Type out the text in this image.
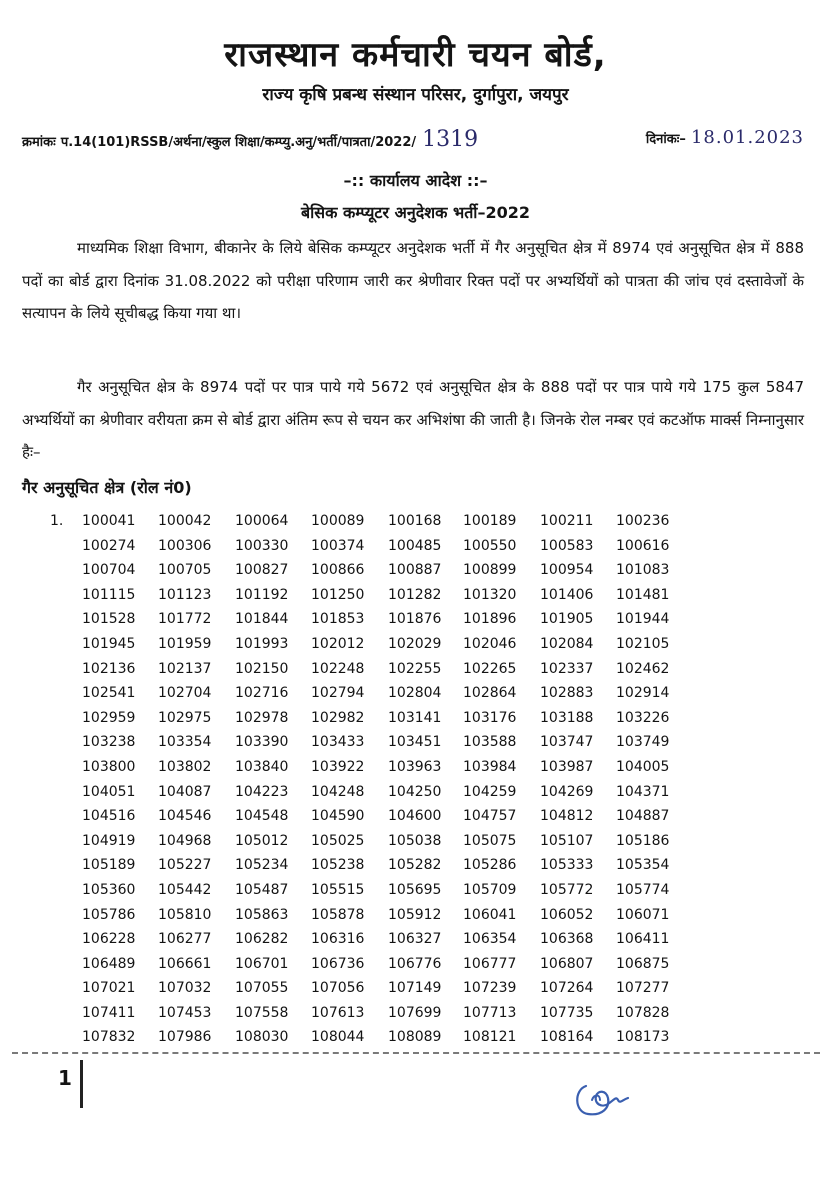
राजस्थान कर्मचारी चयन बोर्ड,
राज्य कृषि प्रबन्ध संस्थान परिसर, दुर्गापुरा, जयपुर
क्रमांकः प.14(101)RSSB/अर्थना/स्कुल शिक्षा/कम्प्यु.अनु/भर्ती/पात्रता/2022/ 1319	दिनांकः– 18.01.2023
–:: कार्यालय आदेश ::–
बेसिक कम्प्यूटर अनुदेशक भर्ती–2022
माध्यमिक शिक्षा विभाग, बीकानेर के लिये बेसिक कम्प्यूटर अनुदेशक भर्ती में गैर अनुसूचित क्षेत्र में 8974 एवं अनुसूचित क्षेत्र में 888 पदों का बोर्ड द्वारा दिनांक 31.08.2022 को परीक्षा परिणाम जारी कर श्रेणीवार रिक्त पदों पर अभ्यर्थियों को पात्रता की जांच एवं दस्तावेजों के सत्यापन के लिये सूचीबद्ध किया गया था।
गैर अनुसूचित क्षेत्र के 8974 पदों पर पात्र पाये गये 5672 एवं अनुसूचित क्षेत्र के 888 पदों पर पात्र पाये गये 175 कुल 5847 अभ्यर्थियों का श्रेणीवार वरीयता क्रम से बोर्ड द्वारा अंतिम रूप से चयन कर अभिशंषा की जाती है। जिनके रोल नम्बर एवं कटऑफ मार्क्स निम्नानुसार हैः–
गैर अनुसूचित क्षेत्र (रोल नं0)
1.	100041 100042 100064 100089 100168 100189 100211 100236
100274 100306 100330 100374 100485 100550 100583 100616
100704 100705 100827 100866 100887 100899 100954 101083
101115 101123 101192 101250 101282 101320 101406 101481
101528 101772 101844 101853 101876 101896 101905 101944
101945 101959 101993 102012 102029 102046 102084 102105
102136 102137 102150 102248 102255 102265 102337 102462
102541 102704 102716 102794 102804 102864 102883 102914
102959 102975 102978 102982 103141 103176 103188 103226
103238 103354 103390 103433 103451 103588 103747 103749
103800 103802 103840 103922 103963 103984 103987 104005
104051 104087 104223 104248 104250 104259 104269 104371
104516 104546 104548 104590 104600 104757 104812 104887
104919 104968 105012 105025 105038 105075 105107 105186
105189 105227 105234 105238 105282 105286 105333 105354
105360 105442 105487 105515 105695 105709 105772 105774
105786 105810 105863 105878 105912 106041 106052 106071
106228 106277 106282 106316 106327 106354 106368 106411
106489 106661 106701 106736 106776 106777 106807 106875
107021 107032 107055 107056 107149 107239 107264 107277
107411 107453 107558 107613 107699 107713 107735 107828
107832 107986 108030 108044 108089 108121 108164 108173
1
